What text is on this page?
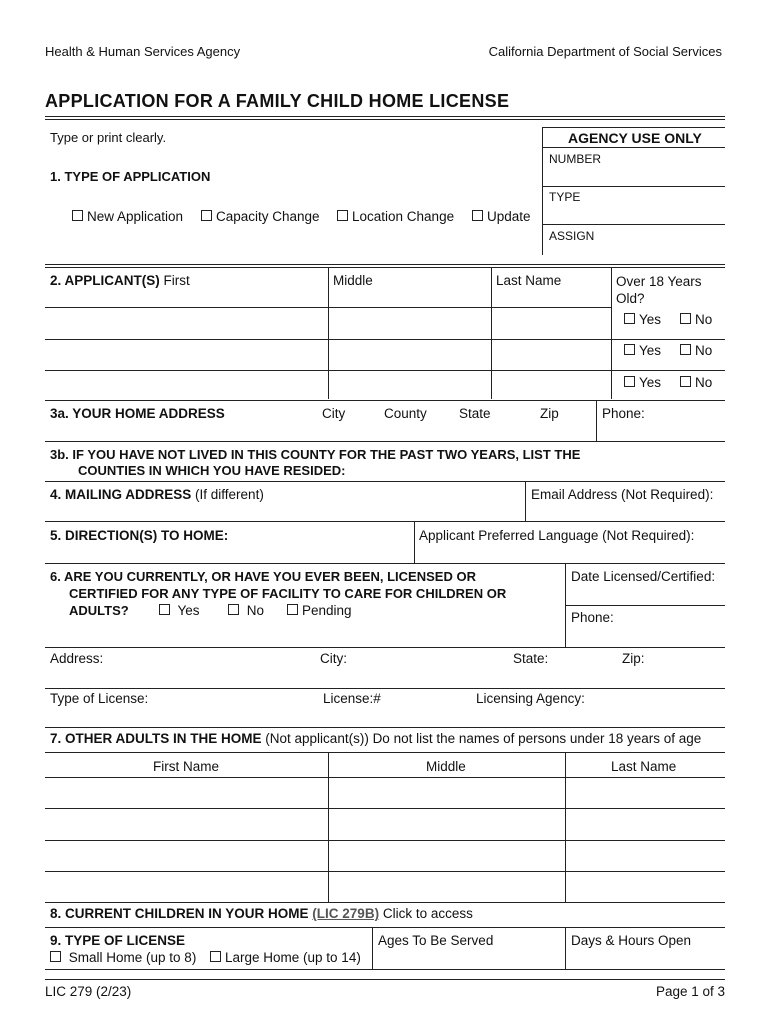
Health & Human Services Agency	California Department of Social Services
APPLICATION FOR A FAMILY CHILD HOME LICENSE
Type or print clearly.	AGENCY USE ONLY
NUMBER
TYPE
ASSIGN
1. TYPE OF APPLICATION
New Application	Capacity Change	Location Change	Update
2. APPLICANT(S) First	Middle	Last Name	Over 18 Years Old?
Yes	No
Yes	No
Yes	No
3a. YOUR HOME ADDRESS	City	County State	Zip	Phone:
3b. IF YOU HAVE NOT LIVED IN THIS COUNTY FOR THE PAST TWO YEARS, LIST THE
COUNTIES IN WHICH YOU HAVE RESIDED:
4. MAILING ADDRESS (If different)	Email Address (Not Required):
5. DIRECTION(S) TO HOME:	Applicant Preferred Language (Not Required):
6. ARE YOU CURRENTLY, OR HAVE YOU EVER BEEN, LICENSED OR
CERTIFIED FOR ANY TYPE OF FACILITY TO CARE FOR CHILDREN OR
ADULTS?	Yes	No	Pending
Date Licensed/Certified:
Phone:
Address:	City:	State:	Zip:
Type of License:	License:#	Licensing Agency:
7. OTHER ADULTS IN THE HOME (Not applicant(s)) Do not list the names of persons under 18 years of age
First Name	Middle	Last Name
8. CURRENT CHILDREN IN YOUR HOME (LIC 279B) Click to access
9. TYPE OF LICENSE
Small Home (up to 8)	Large Home (up to 14)
Ages To Be Served	Days & Hours Open
LIC 279 (2/23)	Page 1 of 3
